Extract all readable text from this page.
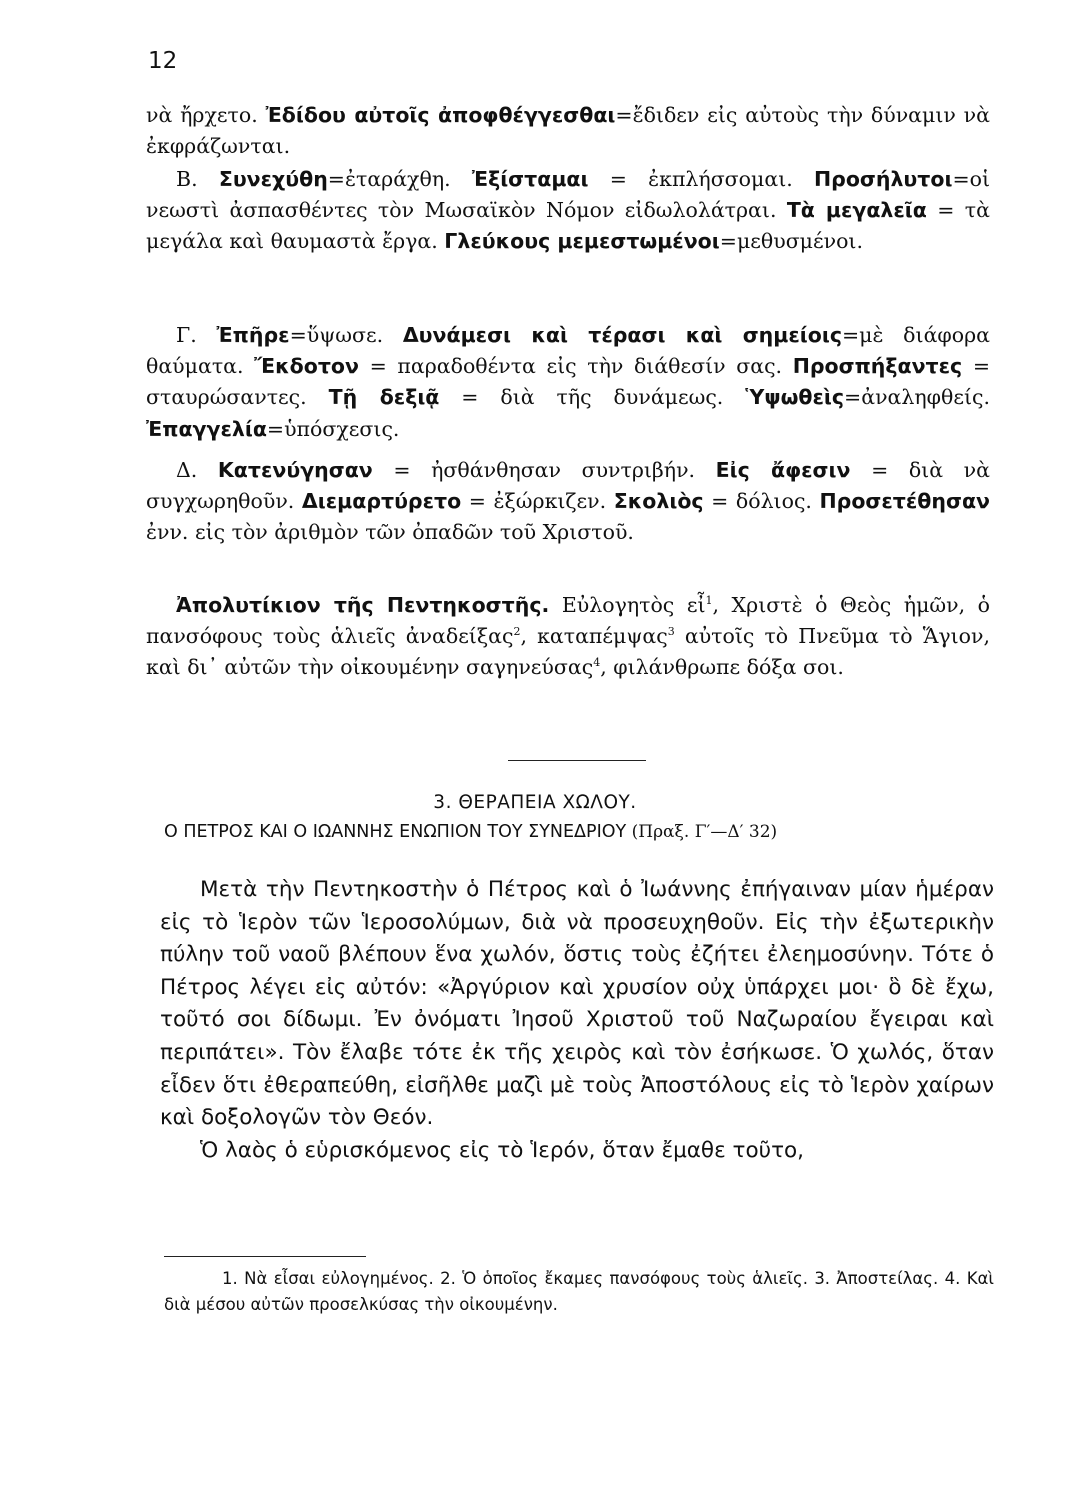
12

νὰ ἤρχετο. Ἐδίδου αὐτοῖς ἀποφθέγγεσθαι=ἔδιδεν εἰς αὐτοὺς τὴν δύναμιν νὰ ἐκφράζωνται.

Β. Συνεχύθη=ἐταράχθη. Ἐξίσταμαι = ἐκπλήσσομαι. Προσήλυτοι=οἱ νεωστὶ ἀσπασθέντες τὸν Μωσαϊκὸν Νόμον εἰδωλολάτραι. Τὰ μεγαλεῖα = τὰ μεγάλα καὶ θαυμαστὰ ἔργα. Γλεύκους μεμεστωμένοι=μεθυσμένοι.

Γ. Ἐπῆρε=ὕψωσε. Δυνάμεσι καὶ τέρασι καὶ σημείοις=μὲ διάφορα θαύματα. Ἔκδοτον = παραδοθέντα εἰς τὴν διάθεσίν σας. Προσπήξαντες = σταυρώσαντες. Τῇ δεξιᾷ = διὰ τῆς δυνάμεως. Ὑψωθεὶς=ἀναληφθείς. Ἐπαγγελία=ὑπόσχεσις.

Δ. Κατενύγησαν = ἠσθάνθησαν συντριβήν. Εἰς ἄφεσιν = διὰ νὰ συγχωρηθοῦν. Διεμαρτύρετο = ἐξώρκιζεν. Σκολιὸς = δόλιος. Προσετέθησαν ἐνν. εἰς τὸν ἀριθμὸν τῶν ὀπαδῶν τοῦ Χριστοῦ.

Ἀπολυτίκιον τῆς Πεντηκοστῆς. Εὐλογητὸς εἶ$^1$, Χριστὲ ὁ Θεὸς ἡμῶν, ὁ πανσόφους τοὺς ἁλιεῖς ἀναδείξας$^2$, καταπέμψας$^3$ αὐτοῖς τὸ Πνεῦμα τὸ Ἅγιον, καὶ δι᾽ αὐτῶν τὴν οἰκουμένην σαγηνεύσας$^4$, φιλάνθρωπε δόξα σοι.

3. ΘΕΡΑΠΕΙΑ ΧΩΛΟΥ.
Ο ΠΕΤΡΟΣ ΚΑΙ Ο ΙΩΑΝΝΗΣ ΕΝΩΠΙΟΝ ΤΟΥ ΣΥΝΕΔΡΙΟΥ (Πραξ. Γ′—Δ′ 32)

Μετὰ τὴν Πεντηκοστὴν ὁ Πέτρος καὶ ὁ Ἰωάννης ἐπήγαιναν μίαν ἡμέραν εἰς τὸ Ἱερὸν τῶν Ἱεροσολύμων, διὰ νὰ προσευχηθοῦν. Εἰς τὴν ἐξωτερικὴν πύλην τοῦ ναοῦ βλέπουν ἕνα χωλόν, ὅστις τοὺς ἐζήτει ἐλεημοσύνην. Τότε ὁ Πέτρος λέγει εἰς αὐτόν: «Ἀργύριον καὶ χρυσίον οὐχ ὑπάρχει μοι· ὃ δὲ ἔχω, τοῦτό σοι δίδωμι. Ἐν ὀνόματι Ἰησοῦ Χριστοῦ τοῦ Ναζωραίου ἔγειραι καὶ περιπάτει». Τὸν ἔλαβε τότε ἐκ τῆς χειρὸς καὶ τὸν ἐσήκωσε. Ὁ χωλός, ὅταν εἶδεν ὅτι ἐθεραπεύθη, εἰσῆλθε μαζὶ μὲ τοὺς Ἀποστόλους εἰς τὸ Ἱερὸν χαίρων καὶ δοξολογῶν τὸν Θεόν.

Ὁ λαὸς ὁ εὑρισκόμενος εἰς τὸ Ἱερόν, ὅταν ἔμαθε τοῦτο,

1. Νὰ εἶσαι εὐλογημένος. 2. Ὁ ὁποῖος ἔκαμες πανσόφους τοὺς ἁλιεῖς. 3. Ἀποστείλας. 4. Καὶ διὰ μέσου αὐτῶν προσελκύσας τὴν οἰκουμένην.
